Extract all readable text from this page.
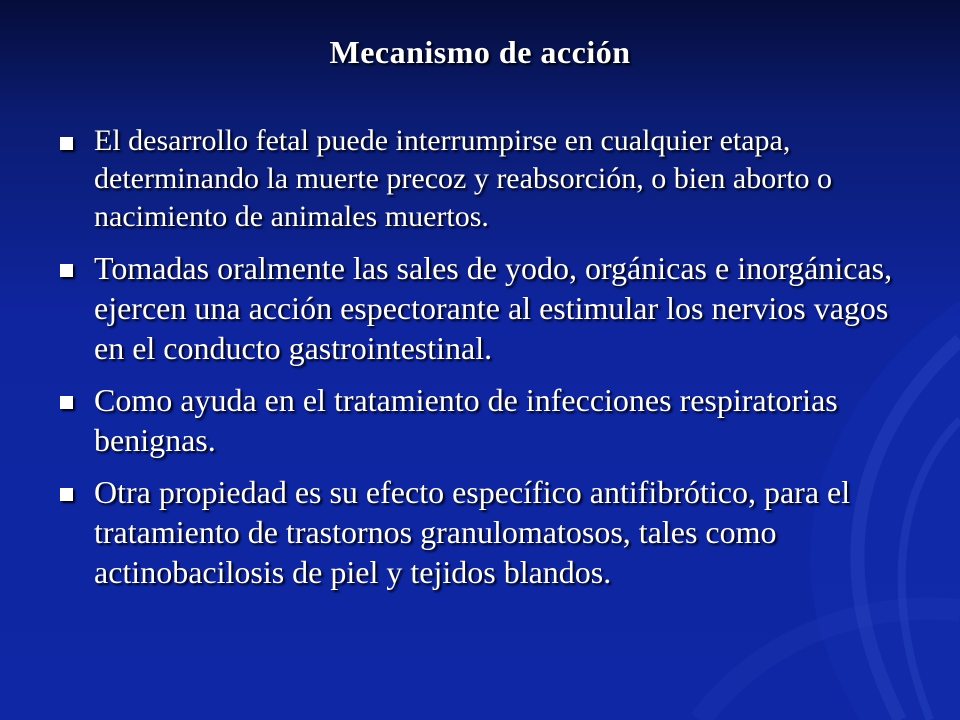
Mecanismo de acción
El desarrollo fetal puede interrumpirse en cualquier etapa, determinando la muerte precoz y reabsorción, o bien aborto o nacimiento de animales muertos.
Tomadas oralmente las sales de yodo, orgánicas e inorgánicas, ejercen una acción espectorante al estimular los nervios vagos en el conducto gastrointestinal.
Como ayuda en el tratamiento de infecciones respiratorias benignas.
Otra propiedad es su efecto específico antifibrótico, para el tratamiento de trastornos granulomatosos, tales como actinobacilosis de piel y tejidos blandos.
